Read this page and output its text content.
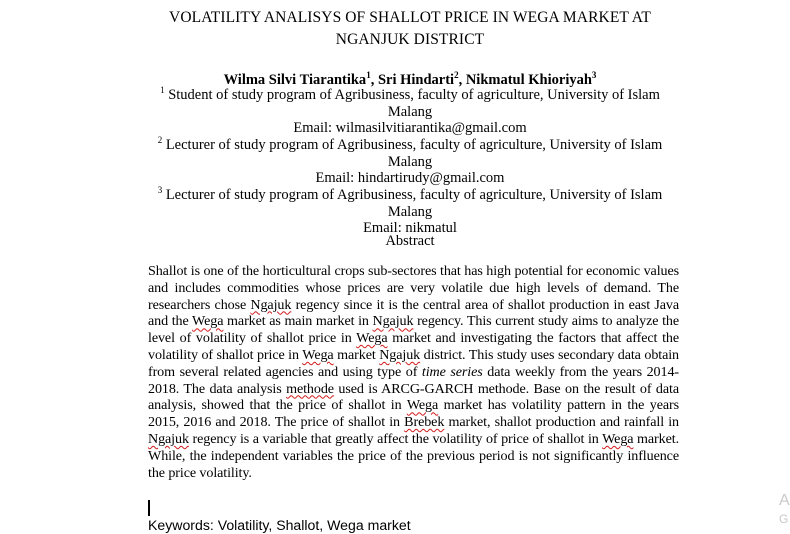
VOLATILITY ANALISYS OF SHALLOT PRICE IN WEGA MARKET AT
NGANJUK DISTRICT
Wilma Silvi Tiarantika$^1$, Sri Hindarti$^2$, Nikmatul Khioriyah$^3$
$^1$ Student of study program of Agribusiness, faculty of agriculture, University of Islam
Malang
Email: wilmasilvitiarantika@gmail.com
$^2$ Lecturer of study program of Agribusiness, faculty of agriculture, University of Islam
Malang
Email: hindartirudy@gmail.com
$^3$ Lecturer of study program of Agribusiness, faculty of agriculture, University of Islam
Malang
Email: nikmatul
Abstract
Shallot is one of the horticultural crops sub-sectores that has high potential for economic values and includes commodities whose prices are very volatile due high levels of demand. The researchers chose Ngajuk regency since it is the central area of shallot production in east Java and the Wega market as main market in Ngajuk regency. This current study aims to analyze the level of volatility of shallot price in Wega market and investigating the factors that affect the volatility of shallot price in Wega market Ngajuk district. This study uses secondary data obtain from several related agencies and using type of time series data weekly from the years 2014-2018. The data analysis methode used is ARCG-GARCH methode. Base on the result of data analysis, showed that the price of shallot in Wega market has volatility pattern in the years 2015, 2016 and 2018. The price of shallot in Brebek market, shallot production and rainfall in Ngajuk regency is a variable that greatly affect the volatility of price of shallot in Wega market. While, the independent variables the price of the previous period is not significantly influence the price volatility.
Keywords: Volatility, Shallot, Wega market
A
G
